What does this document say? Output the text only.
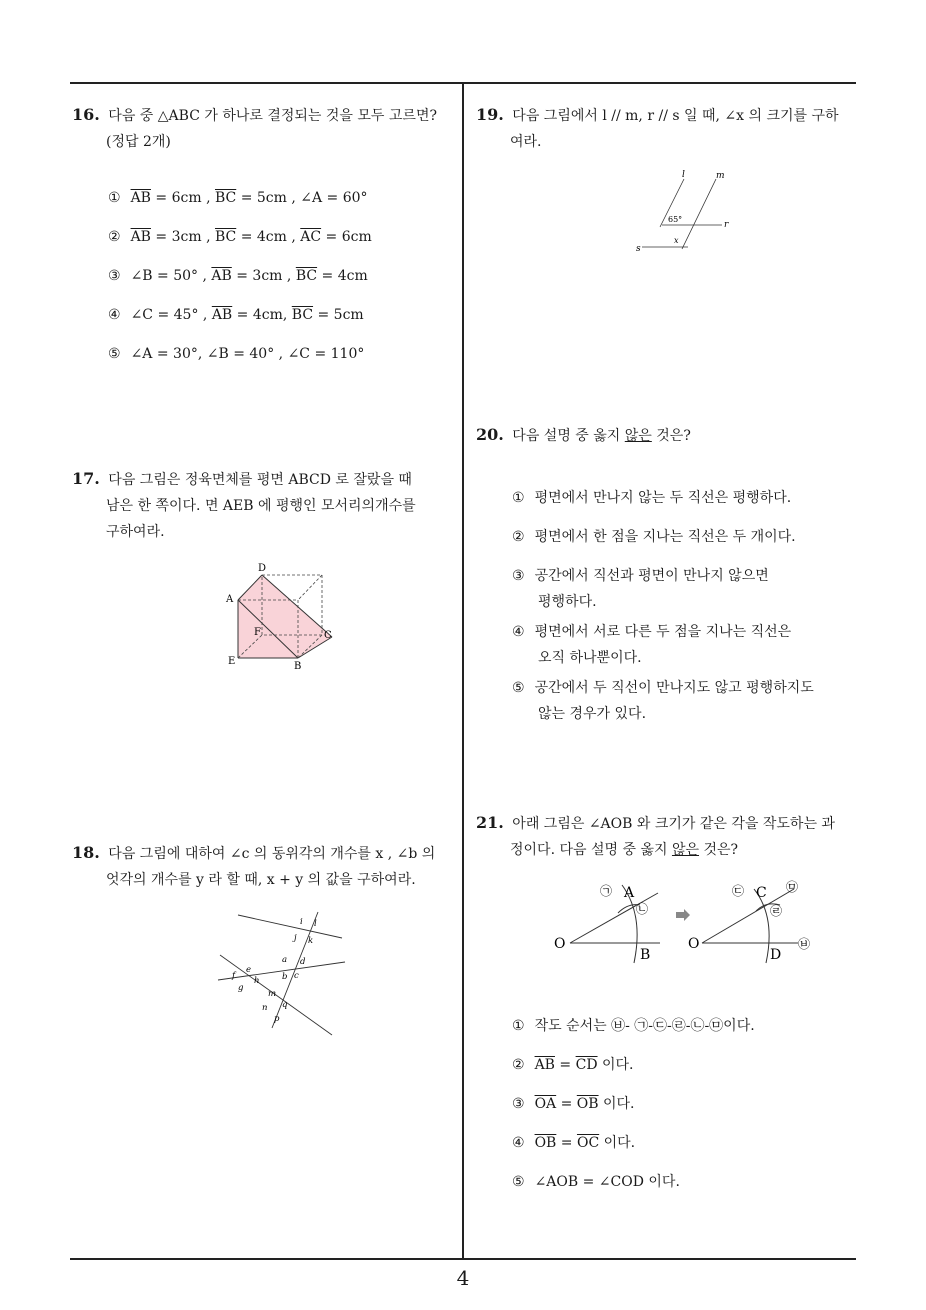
16. 다음 중 △ABC 가 하나로 결정되는 것을 모두 고르면?
(정답 2개)
① $\overline{AB} = 6cm$ , $\overline{BC} = 5cm$ , ∠A = 60°
② $\overline{AB} = 3cm$ , $\overline{BC} = 4cm$ , $\overline{AC} = 6cm$
③ ∠B = 50° , $\overline{AB} = 3cm$ , $\overline{BC} = 4cm$
④ ∠C = 45° , $\overline{AB} = 4cm$, $\overline{BC} = 5cm$
⑤ ∠A = 30°, ∠B = 40° , ∠C = 110°
17. 다음 그림은 정육면체를 평면 ABCD 로 잘랐을 때
남은 한 쪽이다. 면 AEB 에 평행인 모서리의개수를
구하여라.
D
A
F	C
E	B
18. 다음 그림에 대하여 ∠c 의 동위각의 개수를 x , ∠b 의
엇각의 개수를 y 라 할 때, x + y 의 값을 구하여라.
i l
j k
a d
b c
e
f
g
h
m
q
n
p
19. 다음 그림에서 l // m, r // s 일 때, ∠x 의 크기를 구하
여라.
l	m
r
s
65°
x
20. 다음 설명 중 옳지 않은 것은?
① 평면에서 만나지 않는 두 직선은 평행하다.
② 평면에서 한 점을 지나는 직선은 두 개이다.
③ 공간에서 직선과 평면이 만나지 않으면
평행하다.
④ 평면에서 서로 다른 두 점을 지나는 직선은
오직 하나뿐이다.
⑤ 공간에서 두 직선이 만나지도 않고 평행하지도
않는 경우가 있다.
21. 아래 그림은 ∠AOB 와 크기가 같은 각을 작도하는 과
정이다. 다음 설명 중 옳지 않은 것은?
O
A
B
㉠
㉡
O
C
D
㉢
㉣
㉤
㉥
① 작도 순서는 ㉥- ㉠-㉢-㉣-㉡-㉤이다.
② $\overline{AB} = \overline{CD}$ 이다.
③ $\overline{OA} = \overline{OB}$ 이다.
④ $\overline{OB} = \overline{OC}$ 이다.
⑤ ∠AOB = ∠COD 이다.
4
